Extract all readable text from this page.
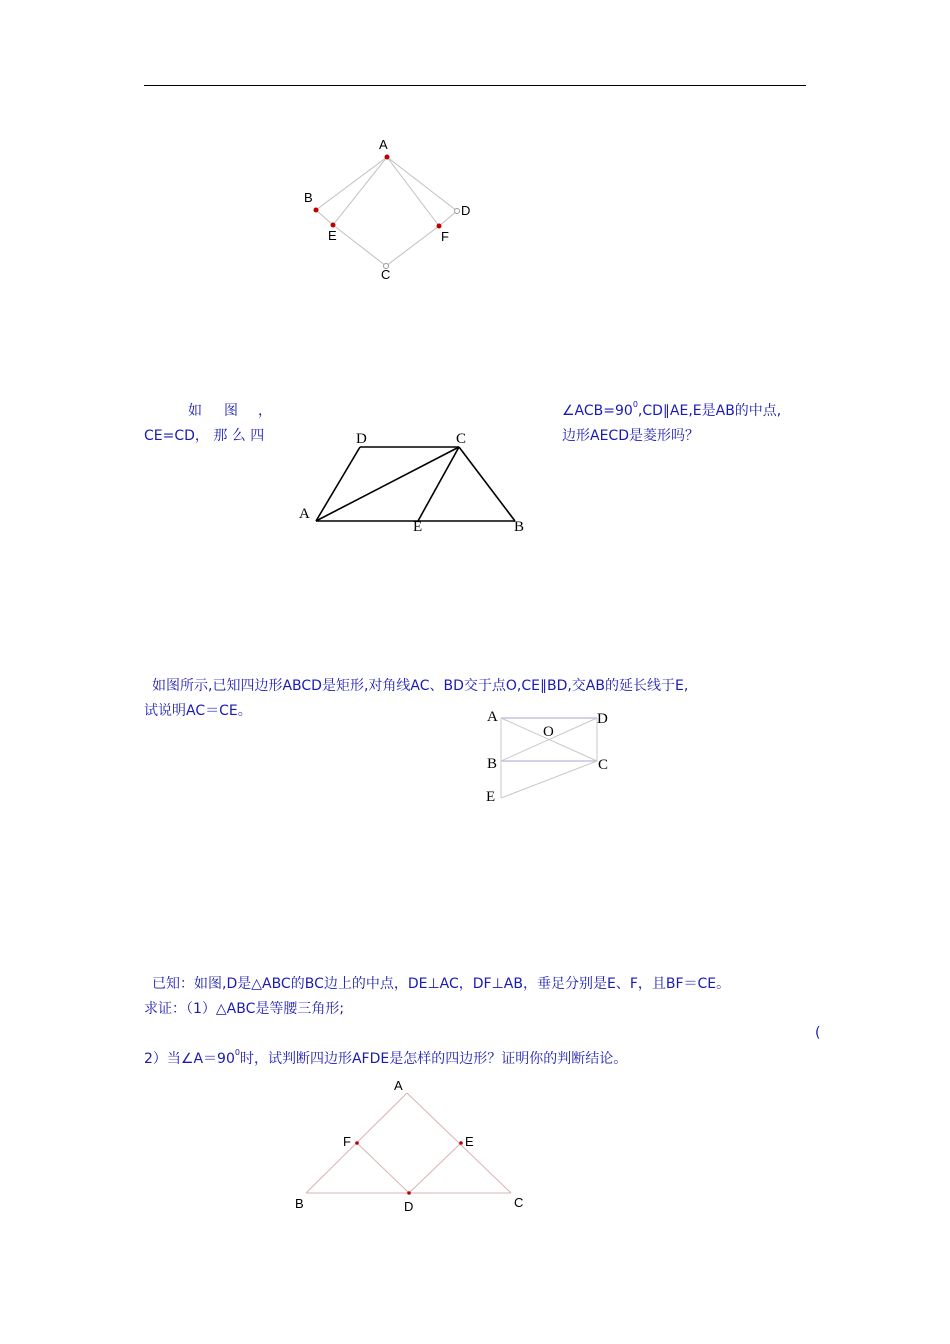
A
B
D
E	F
C
如 图 ，	$\angle ACB=90^0,CD\parallel AE,E$是AB的中点,
CE=CD， 那 么 四	边形AECD是菱形吗？
D	C
A
E	B
如图所示,已知四边形ABCD是矩形,对角线AC、BD交于点O,CE∥BD,交AB的延长线于E,
试说明AC＝CE。	A	D
O
B	C
E
已知：如图,D是△ABC的BC边上的中点，DE⊥AC，DF⊥AB，垂足分别是E、F，且BF＝CE。
求证：（1）△ABC是等腰三角形;
(
2）当$\angle A=90^0$时，试判断四边形AFDE是怎样的四边形？证明你的判断结论。
A
F	E
B	D	C
